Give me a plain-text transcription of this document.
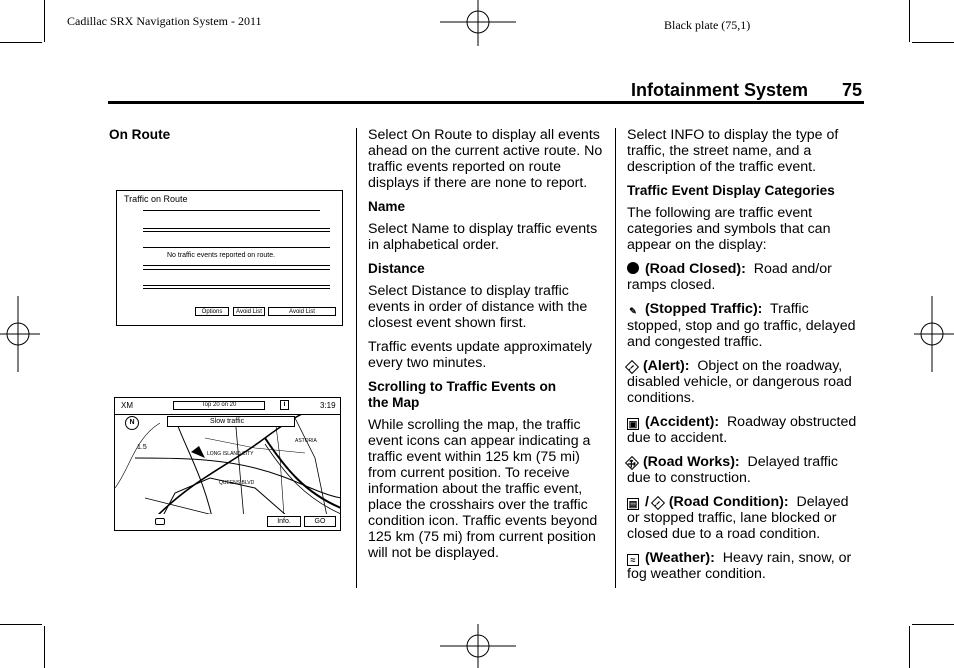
Cadillac SRX Navigation System - 2011	Black plate (75,1)
Infotainment System 75
On Route
Traffic on Route
No traffic events reported on route.
Options	Avoid List	Avoid List
XM	Top 20 on 20	i	3:19
Slow traffic
N
1.5
LONG ISLAND CITY
QUEENS BLVD
ASTORIA
Info.	GO

Select On Route to display all events ahead on the current active route. No traffic events reported on route displays if there are none to report.

Name

Select Name to display traffic events in alphabetical order.

Distance

Select Distance to display traffic events in order of distance with the closest event shown first.

Traffic events update approximately every two minutes.

Scrolling to Traffic Events on
the Map

While scrolling the map, the traffic event icons can appear indicating a traffic event within 125 km (75 mi) from current position. To receive information about the traffic event, place the crosshairs over the traffic condition icon. Traffic events beyond 125 km (75 mi) from current position will not be displayed.

Select INFO to display the type of traffic, the street name, and a description of the traffic event.

Traffic Event Display Categories

The following are traffic event categories and symbols that can appear on the display:

(Road Closed): Road and/or ramps closed.

✎ (Stopped Traffic): Traffic stopped, stop and go traffic, delayed and congested traffic.

! (Alert): Object on the roadway, disabled vehicle, or dangerous road conditions.

▣ (Accident): Roadway obstructed due to accident.

⚒ (Road Works): Delayed traffic due to construction.

▤ / ! (Road Condition): Delayed or stopped traffic, lane blocked or closed due to a road condition.

≈ (Weather): Heavy rain, snow, or fog weather condition.
